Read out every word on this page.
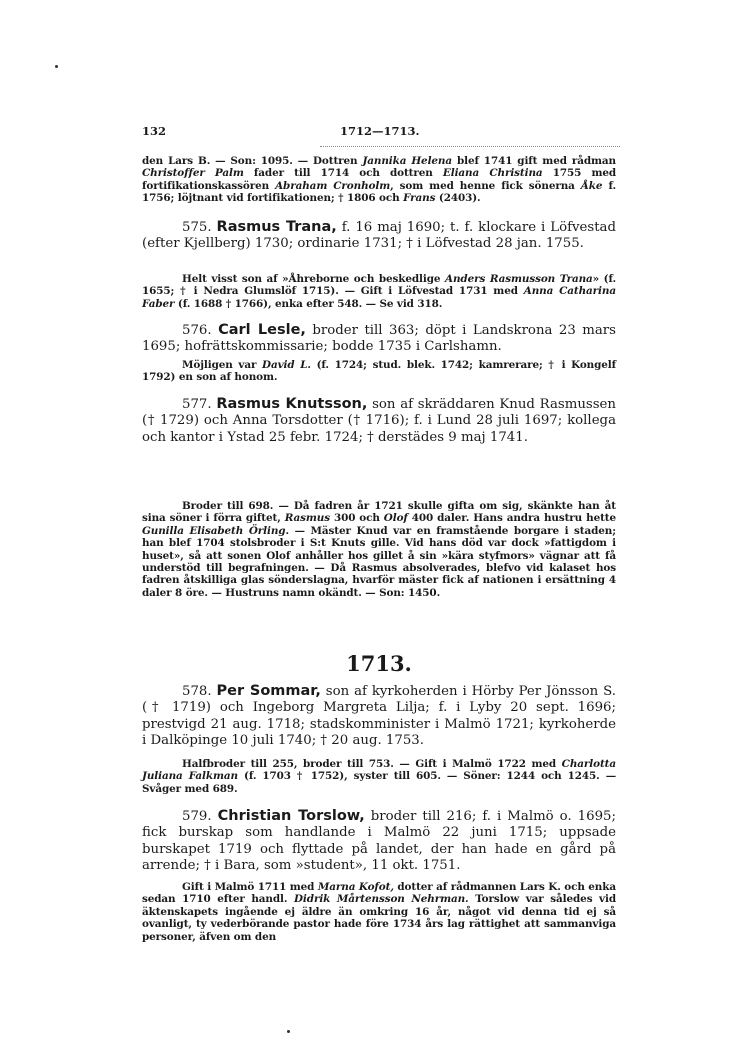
132	1712—1713.
den Lars B. — Son: 1095. — Dottren Jannika Helena blef 1741 gift med rådman Christoffer Palm fader till 1714 och dottren Eliana Christina 1755 med fortifikationskassören Abraham Cronholm, som med henne fick sönerna Åke f. 1756; löjtnant vid fortifikationen; † 1806 och Frans (2403).
575. Rasmus Trana, f. 16 maj 1690; t. f. klockare i Löfvestad (efter Kjellberg) 1730; ordinarie 1731; † i Löfvestad 28 jan. 1755.
Helt visst son af »Åhreborne och beskedlige Anders Rasmusson Trana» (f. 1655; † i Nedra Glumslöf 1715). — Gift i Löfvestad 1731 med Anna Catharina Faber (f. 1688 † 1766), enka efter 548. — Se vid 318.
576. Carl Lesle, broder till 363; döpt i Landskrona 23 mars 1695; hofrättskommissarie; bodde 1735 i Carlshamn.
Möjligen var David L. (f. 1724; stud. blek. 1742; kamrerare; † i Kongelf 1792) en son af honom.
577. Rasmus Knutsson, son af skräddaren Knud Rasmussen († 1729) och Anna Torsdotter († 1716); f. i Lund 28 juli 1697; kollega och kantor i Ystad 25 febr. 1724; † derstädes 9 maj 1741.
Broder till 698. — Då fadren år 1721 skulle gifta om sig, skänkte han åt sina söner i förra giftet, Rasmus 300 och Olof 400 daler. Hans andra hustru hette Gunilla Elisabeth Örling. — Mäster Knud var en framstående borgare i staden; han blef 1704 stolsbroder i S:t Knuts gille. Vid hans död var dock »fattigdom i huset», så att sonen Olof anhåller hos gillet å sin »kära styfmors» vägnar att få understöd till begrafningen. — Då Rasmus absolverades, blefvo vid kalaset hos fadren åtskilliga glas sönderslagna, hvarför mäster fick af nationen i ersättning 4 daler 8 öre. — Hustruns namn okändt. — Son: 1450.
1713.
578. Per Sommar, son af kyrkoherden i Hörby Per Jönsson S. († 1719) och Ingeborg Margreta Lilja; f. i Lyby 20 sept. 1696; prestvigd 21 aug. 1718; stadskomminister i Malmö 1721; kyrkoherde i Dalköpinge 10 juli 1740; † 20 aug. 1753.
Halfbroder till 255, broder till 753. — Gift i Malmö 1722 med Charlotta Juliana Falkman (f. 1703 † 1752), syster till 605. — Söner: 1244 och 1245. — Svåger med 689.
579. Christian Torslow, broder till 216; f. i Malmö o. 1695; fick burskap som handlande i Malmö 22 juni 1715; uppsade burskapet 1719 och flyttade på landet, der han hade en gård på arrende; † i Bara, som »student», 11 okt. 1751.
Gift i Malmö 1711 med Marna Kofot, dotter af rådmannen Lars K. och enka sedan 1710 efter handl. Didrik Mårtensson Nehrman. Torslow var således vid äktenskapets ingående ej äldre än omkring 16 år, något vid denna tid ej så ovanligt, ty vederbörande pastor hade före 1734 års lag rättighet att sammanviga personer, äfven om den
